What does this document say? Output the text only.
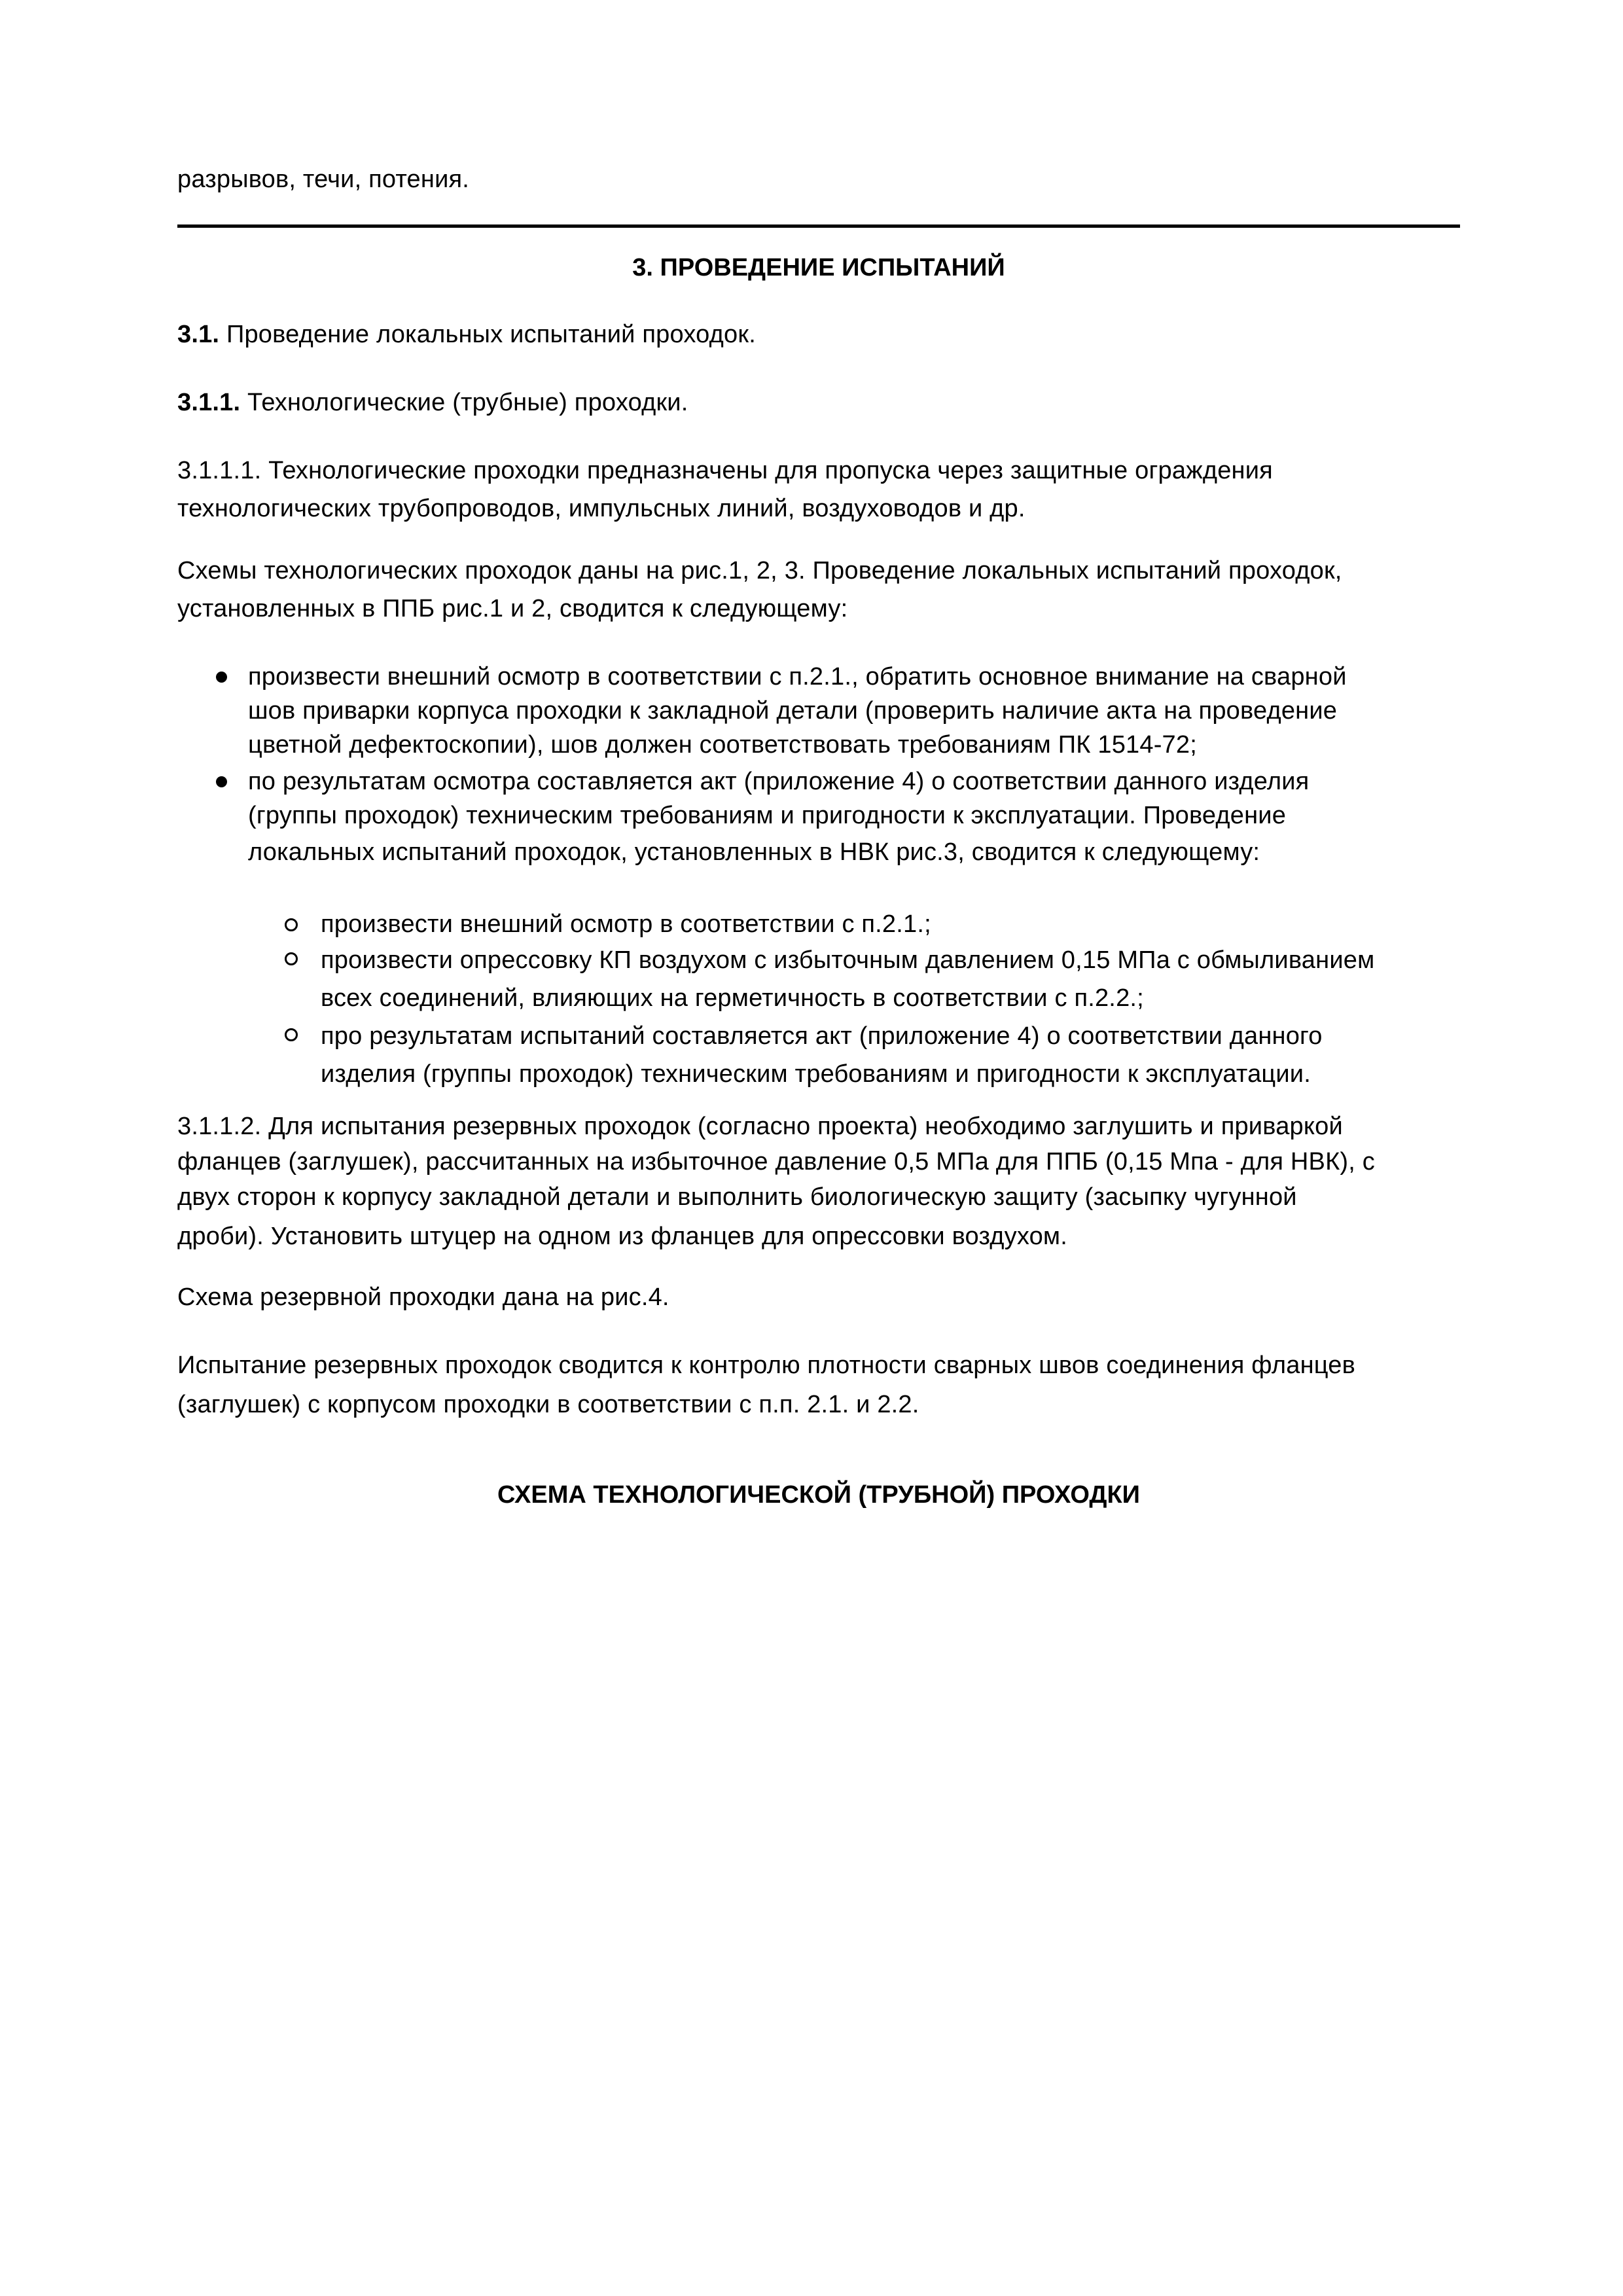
разрывов, течи, потения.

3. ПРОВЕДЕНИЕ ИСПЫТАНИЙ

3.1. Проведение локальных испытаний проходок.

3.1.1. Технологические (трубные) проходки.

3.1.1.1. Технологические проходки предназначены для пропуска через защитные ограждения
технологических трубопроводов, импульсных линий, воздуховодов и др.
Схемы технологических проходок даны на рис.1, 2, 3. Проведение локальных испытаний проходок,
установленных в ППБ рис.1 и 2, сводится к следующему:
произвести внешний осмотр в соответствии с п.2.1., обратить основное внимание на сварной
шов приварки корпуса проходки к закладной детали (проверить наличие акта на проведение
цветной дефектоскопии), шов должен соответствовать требованиям ПК 1514-72;
по результатам осмотра составляется акт (приложение 4) о соответствии данного изделия
(группы проходок) техническим требованиям и пригодности к эксплуатации. Проведение
локальных испытаний проходок, установленных в НВК рис.3, сводится к следующему:
произвести внешний осмотр в соответствии с п.2.1.;
произвести опрессовку КП воздухом с избыточным давлением 0,15 МПа с обмыливанием
всех соединений, влияющих на герметичность в соответствии с п.2.2.;
про результатам испытаний составляется акт (приложение 4) о соответствии данного
изделия (группы проходок) техническим требованиям и пригодности к эксплуатации.
3.1.1.2. Для испытания резервных проходок (согласно проекта) необходимо заглушить и приваркой
фланцев (заглушек), рассчитанных на избыточное давление 0,5 МПа для ППБ (0,15 Мпа - для НВК), с
двух сторон к корпусу закладной детали и выполнить биологическую защиту (засыпку чугунной
дроби). Установить штуцер на одном из фланцев для опрессовки воздухом.

Схема резервной проходки дана на рис.4.

Испытание резервных проходок сводится к контролю плотности сварных швов соединения фланцев
(заглушек) с корпусом проходки в соответствии с п.п. 2.1. и 2.2.
СХЕМА ТЕХНОЛОГИЧЕСКОЙ (ТРУБНОЙ) ПРОХОДКИ
